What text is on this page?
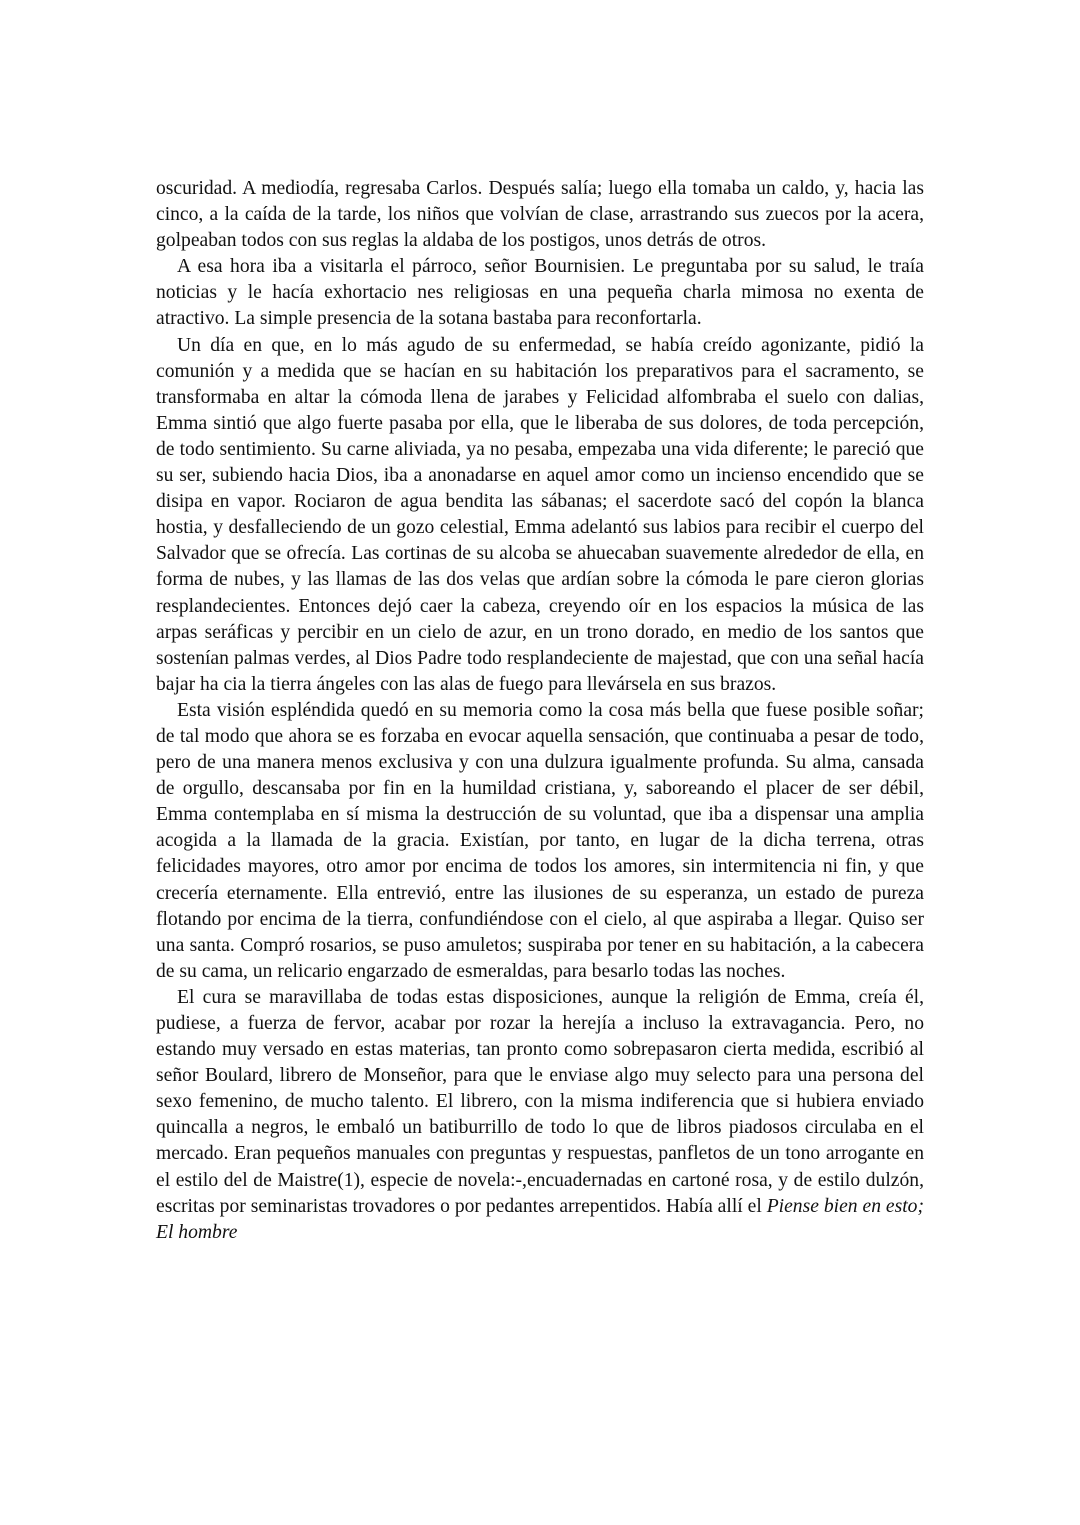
oscuridad. A mediodía, regresaba Carlos. Después salía; luego ella tomaba un caldo, y, hacia las cinco, a la caída de la tarde, los niños que volvían de clase, arrastrando sus zuecos por la acera, golpeaban todos con sus reglas la aldaba de los postigos, unos detrás de otros.

A esa hora iba a visitarla el párroco, señor Bournisien. Le preguntaba por su salud, le traía noticias y le hacía exhortacio nes religiosas en una pequeña charla mimosa no exenta de atractivo. La simple presencia de la sotana bastaba para reconfortarla.

Un día en que, en lo más agudo de su enfermedad, se había creído agonizante, pidió la comunión y a medida que se hacían en su habitación los preparativos para el sacramento, se transformaba en altar la cómoda llena de jarabes y Felicidad alfombraba el suelo con dalias, Emma sintió que algo fuerte pasaba por ella, que le liberaba de sus dolores, de toda percepción, de todo sentimiento. Su carne aliviada, ya no pesaba, empezaba una vida diferente; le pareció que su ser, subiendo hacia Dios, iba a anonadarse en aquel amor como un incienso encendido que se disipa en vapor. Rociaron de agua bendita las sábanas; el sacerdote sacó del copón la blanca hostia, y desfalleciendo de un gozo celestial, Emma adelantó sus labios para recibir el cuerpo del Salvador que se ofrecía. Las cortinas de su alcoba se ahuecaban suavemente alrededor de ella, en forma de nubes, y las llamas de las dos velas que ardían sobre la cómoda le pare cieron glorias resplandecientes. Entonces dejó caer la cabeza, creyendo oír en los espacios la música de las arpas seráficas y percibir en un cielo de azur, en un trono dorado, en medio de los santos que sostenían palmas verdes, al Dios Padre todo resplandeciente de majestad, que con una señal hacía bajar ha cia la tierra ángeles con las alas de fuego para llevársela en sus brazos.

Esta visión espléndida quedó en su memoria como la cosa más bella que fuese posible soñar; de tal modo que ahora se es forzaba en evocar aquella sensación, que continuaba a pesar de todo, pero de una manera menos exclusiva y con una dulzura igualmente profunda. Su alma, cansada de orgullo, descansaba por fin en la humildad cristiana, y, saboreando el placer de ser débil, Emma contemplaba en sí misma la destrucción de su voluntad, que iba a dispensar una amplia acogida a la llamada de la gracia. Existían, por tanto, en lugar de la dicha terrena, otras felicidades mayores, otro amor por encima de todos los amores, sin intermitencia ni fin, y que crecería eternamente. Ella entrevió, entre las ilusiones de su esperanza, un estado de pureza flotando por encima de la tierra, confundiéndose con el cielo, al que aspiraba a llegar. Quiso ser una santa. Compró rosarios, se puso amuletos; suspiraba por tener en su habitación, a la cabecera de su cama, un relicario engarzado de esmeraldas, para besarlo todas las noches.

El cura se maravillaba de todas estas disposiciones, aunque la religión de Emma, creía él, pudiese, a fuerza de fervor, acabar por rozar la herejía a incluso la extravagancia. Pero, no estando muy versado en estas materias, tan pronto como sobrepasaron cierta medida, escribió al señor Boulard, librero de Monseñor, para que le enviase algo muy selecto para una persona del sexo femenino, de mucho talento. El librero, con la misma indiferencia que si hubiera enviado quincalla a negros, le embaló un batiburrillo de todo lo que de libros piadosos circulaba en el mercado. Eran pequeños manuales con preguntas y respuestas, panfletos de un tono arrogante en el estilo del de Maistre(1), especie de novela:-,encuadernadas en cartoné rosa, y de estilo dulzón, escritas por seminaristas trovadores o por pedantes arrepentidos. Había allí el Piense bien en esto; El hombre
